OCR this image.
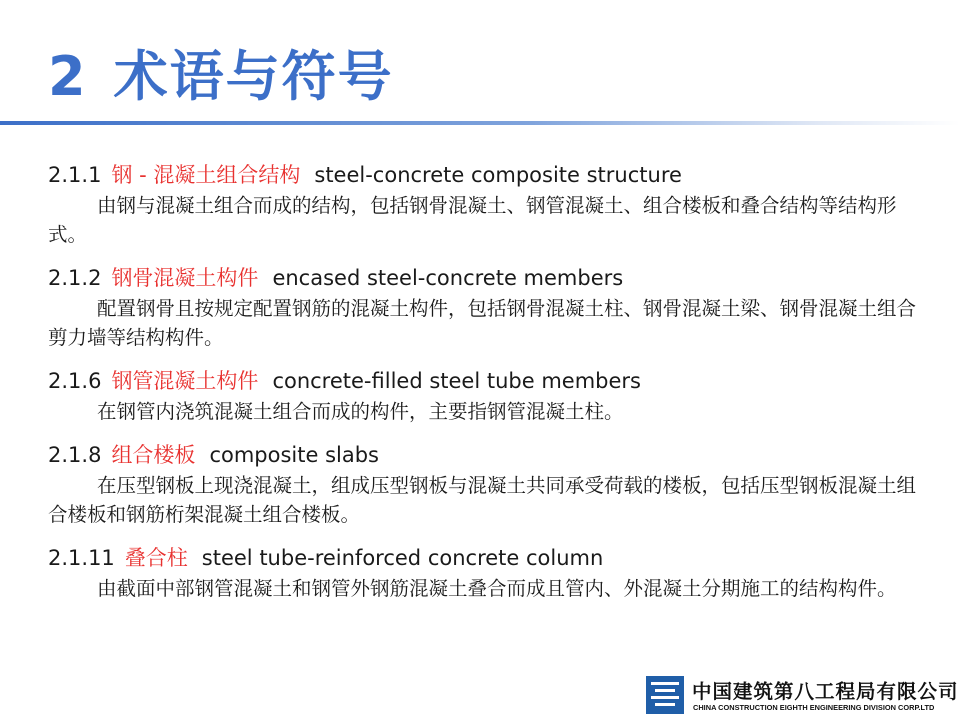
2 术语与符号
2.1.1 钢 - 混凝土组合结构 steel-concrete composite structure
由钢与混凝土组合而成的结构，包括钢骨混凝土、钢管混凝土、组合楼板和叠合结构等结构形式。
2.1.2 钢骨混凝土构件 encased steel-concrete members
配置钢骨且按规定配置钢筋的混凝土构件，包括钢骨混凝土柱、钢骨混凝土梁、钢骨混凝土组合剪力墙等结构构件。
2.1.6 钢管混凝土构件 concrete-filled steel tube members
在钢管内浇筑混凝土组合而成的构件，主要指钢管混凝土柱。
2.1.8 组合楼板 composite slabs
在压型钢板上现浇混凝土，组成压型钢板与混凝土共同承受荷载的楼板，包括压型钢板混凝土组合楼板和钢筋桁架混凝土组合楼板。
2.1.11 叠合柱 steel tube-reinforced concrete column
由截面中部钢管混凝土和钢管外钢筋混凝土叠合而成且管内、外混凝土分期施工的结构构件。
中国建筑第八工程局有限公司
CHINA CONSTRUCTION EIGHTH ENGINEERING DIVISION CORP.LTD
